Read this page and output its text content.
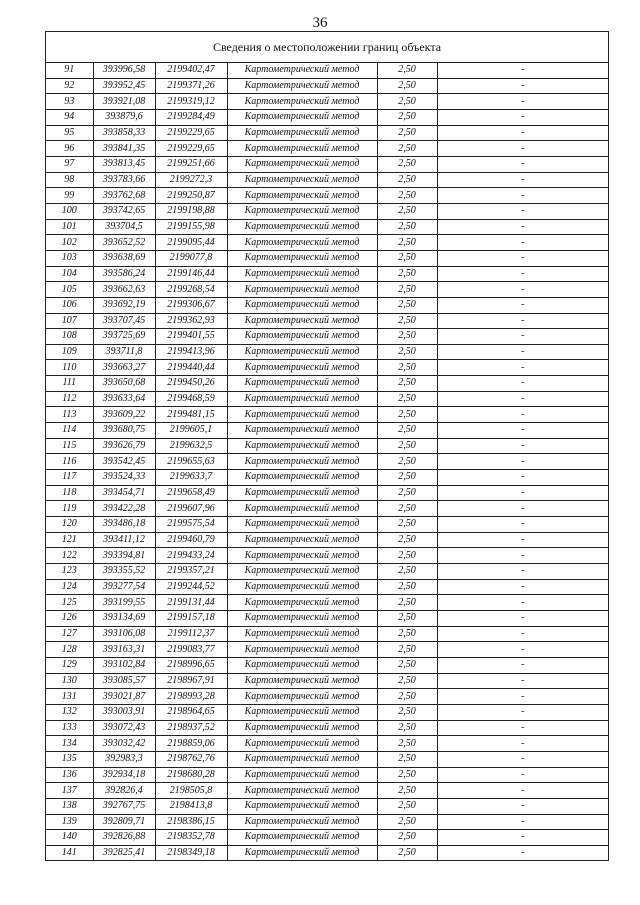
36
Сведения о местоположении границ объекта
91	393996,58	2199402,47	Картометрический метод	2,50	-
92	393952,45	2199371,26	Картометрический метод	2,50	-
93	393921,08	2199319,12	Картометрический метод	2,50	-
94	393879,6	2199284,49	Картометрический метод	2,50	-
95	393858,33	2199229,65	Картометрический метод	2,50	-
96	393841,35	2199229,65	Картометрический метод	2,50	-
97	393813,45	2199251,66	Картометрический метод	2,50	-
98	393783,66	2199272,3	Картометрический метод	2,50	-
99	393762,68	2199250,87	Картометрический метод	2,50	-
100	393742,65	2199198,88	Картометрический метод	2,50	-
101	393704,5	2199155,98	Картометрический метод	2,50	-
102	393652,52	2199095,44	Картометрический метод	2,50	-
103	393638,69	2199077,8	Картометрический метод	2,50	-
104	393586,24	2199146,44	Картометрический метод	2,50	-
105	393662,63	2199268,54	Картометрический метод	2,50	-
106	393692,19	2199306,67	Картометрический метод	2,50	-
107	393707,45	2199362,93	Картометрический метод	2,50	-
108	393725,69	2199401,55	Картометрический метод	2,50	-
109	393711,8	2199413,96	Картометрический метод	2,50	-
110	393663,27	2199440,44	Картометрический метод	2,50	-
111	393650,68	2199450,26	Картометрический метод	2,50	-
112	393633,64	2199468,59	Картометрический метод	2,50	-
113	393609,22	2199481,15	Картометрический метод	2,50	-
114	393680,75	2199605,1	Картометрический метод	2,50	-
115	393626,79	2199632,5	Картометрический метод	2,50	-
116	393542,45	2199655,63	Картометрический метод	2,50	-
117	393524,33	2199633,7	Картометрический метод	2,50	-
118	393454,71	2199658,49	Картометрический метод	2,50	-
119	393422,28	2199607,96	Картометрический метод	2,50	-
120	393486,18	2199575,54	Картометрический метод	2,50	-
121	393411,12	2199460,79	Картометрический метод	2,50	-
122	393394,81	2199433,24	Картометрический метод	2,50	-
123	393355,52	2199357,21	Картометрический метод	2,50	-
124	393277,54	2199244,52	Картометрический метод	2,50	-
125	393199,55	2199131,44	Картометрический метод	2,50	-
126	393134,69	2199157,18	Картометрический метод	2,50	-
127	393106,08	2199112,37	Картометрический метод	2,50	-
128	393163,31	2199083,77	Картометрический метод	2,50	-
129	393102,84	2198996,65	Картометрический метод	2,50	-
130	393085,57	2198967,91	Картометрический метод	2,50	-
131	393021,87	2198993,28	Картометрический метод	2,50	-
132	393003,91	2198964,65	Картометрический метод	2,50	-
133	393072,43	2198937,52	Картометрический метод	2,50	-
134	393032,42	2198859,06	Картометрический метод	2,50	-
135	392983,3	2198762,76	Картометрический метод	2,50	-
136	392934,18	2198680,28	Картометрический метод	2,50	-
137	392826,4	2198505,8	Картометрический метод	2,50	-
138	392767,75	2198413,8	Картометрический метод	2,50	-
139	392809,71	2198386,15	Картометрический метод	2,50	-
140	392826,88	2198352,78	Картометрический метод	2,50	-
141	392825,41	2198349,18	Картометрический метод	2,50	-
